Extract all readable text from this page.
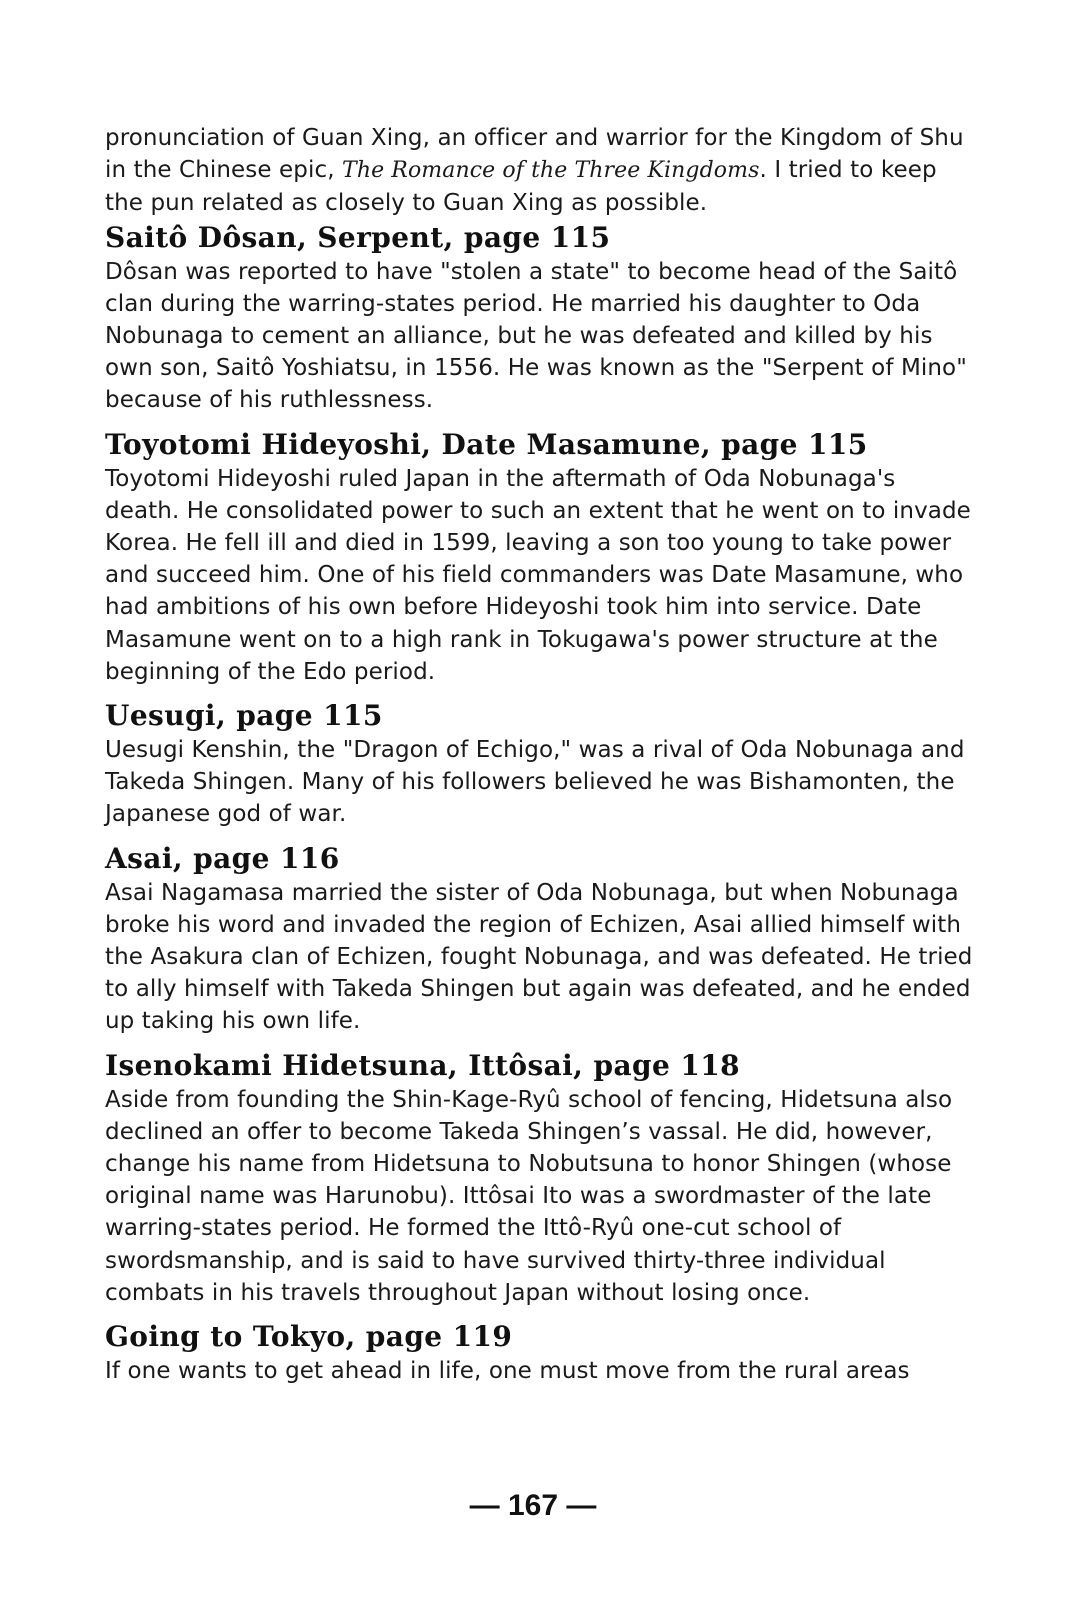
pronunciation of Guan Xing, an officer and warrior for the Kingdom of Shu in the Chinese epic, The Romance of the Three Kingdoms. I tried to keep the pun related as closely to Guan Xing as possible.

Saitô Dôsan, Serpent, page 115

Dôsan was reported to have "stolen a state" to become head of the Saitô clan during the warring-states period. He married his daughter to Oda Nobunaga to cement an alliance, but he was defeated and killed by his own son, Saitô Yoshiatsu, in 1556. He was known as the "Serpent of Mino" because of his ruthlessness.

Toyotomi Hideyoshi, Date Masamune, page 115

Toyotomi Hideyoshi ruled Japan in the aftermath of Oda Nobunaga's death. He consolidated power to such an extent that he went on to invade Korea. He fell ill and died in 1599, leaving a son too young to take power and succeed him. One of his field commanders was Date Masamune, who had ambitions of his own before Hideyoshi took him into service. Date Masamune went on to a high rank in Tokugawa's power structure at the beginning of the Edo period.

Uesugi, page 115

Uesugi Kenshin, the "Dragon of Echigo," was a rival of Oda Nobunaga and Takeda Shingen. Many of his followers believed he was Bishamonten, the Japanese god of war.

Asai, page 116

Asai Nagamasa married the sister of Oda Nobunaga, but when Nobunaga broke his word and invaded the region of Echizen, Asai allied himself with the Asakura clan of Echizen, fought Nobunaga, and was defeated. He tried to ally himself with Takeda Shingen but again was defeated, and he ended up taking his own life.

Isenokami Hidetsuna, Ittôsai, page 118

Aside from founding the Shin-Kage-Ryû school of fencing, Hidetsuna also declined an offer to become Takeda Shingen’s vassal. He did, however, change his name from Hidetsuna to Nobutsuna to honor Shingen (whose original name was Harunobu). Ittôsai Ito was a swordmaster of the late warring-states period. He formed the Ittô-Ryû one-cut school of swordsmanship, and is said to have survived thirty-three individual combats in his travels throughout Japan without losing once.

Going to Tokyo, page 119

If one wants to get ahead in life, one must move from the rural areas

— 167 —
